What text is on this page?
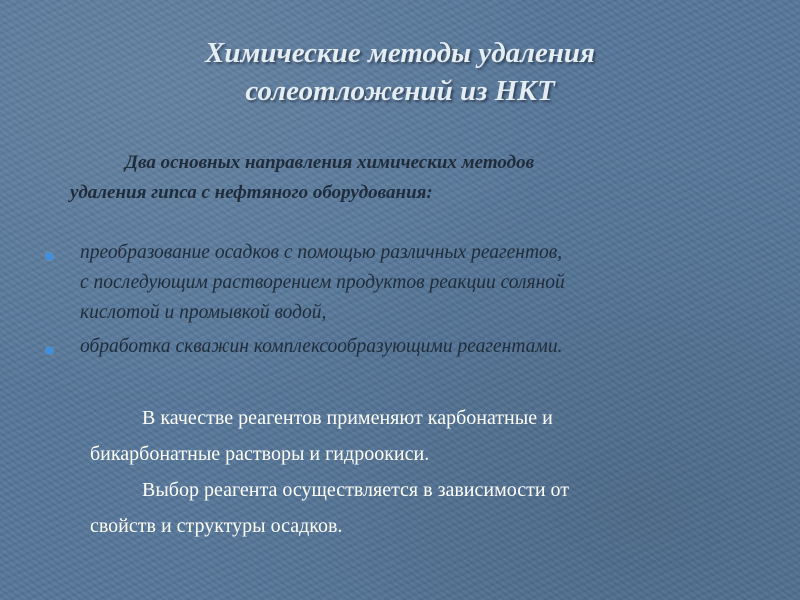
Химические методы удаления
солеотложений из НКТ
Два основных направления химических методов
удаления гипса с нефтяного оборудования:
преобразование осадков с помощью различных реагентов,
с последующим растворением продуктов реакции соляной
кислотой и промывкой водой,
обработка скважин комплексообразующими реагентами.
В качестве реагентов применяют карбонатные и
бикарбонатные растворы и гидроокиси.
Выбор реагента осуществляется в зависимости от
свойств и структуры осадков.
